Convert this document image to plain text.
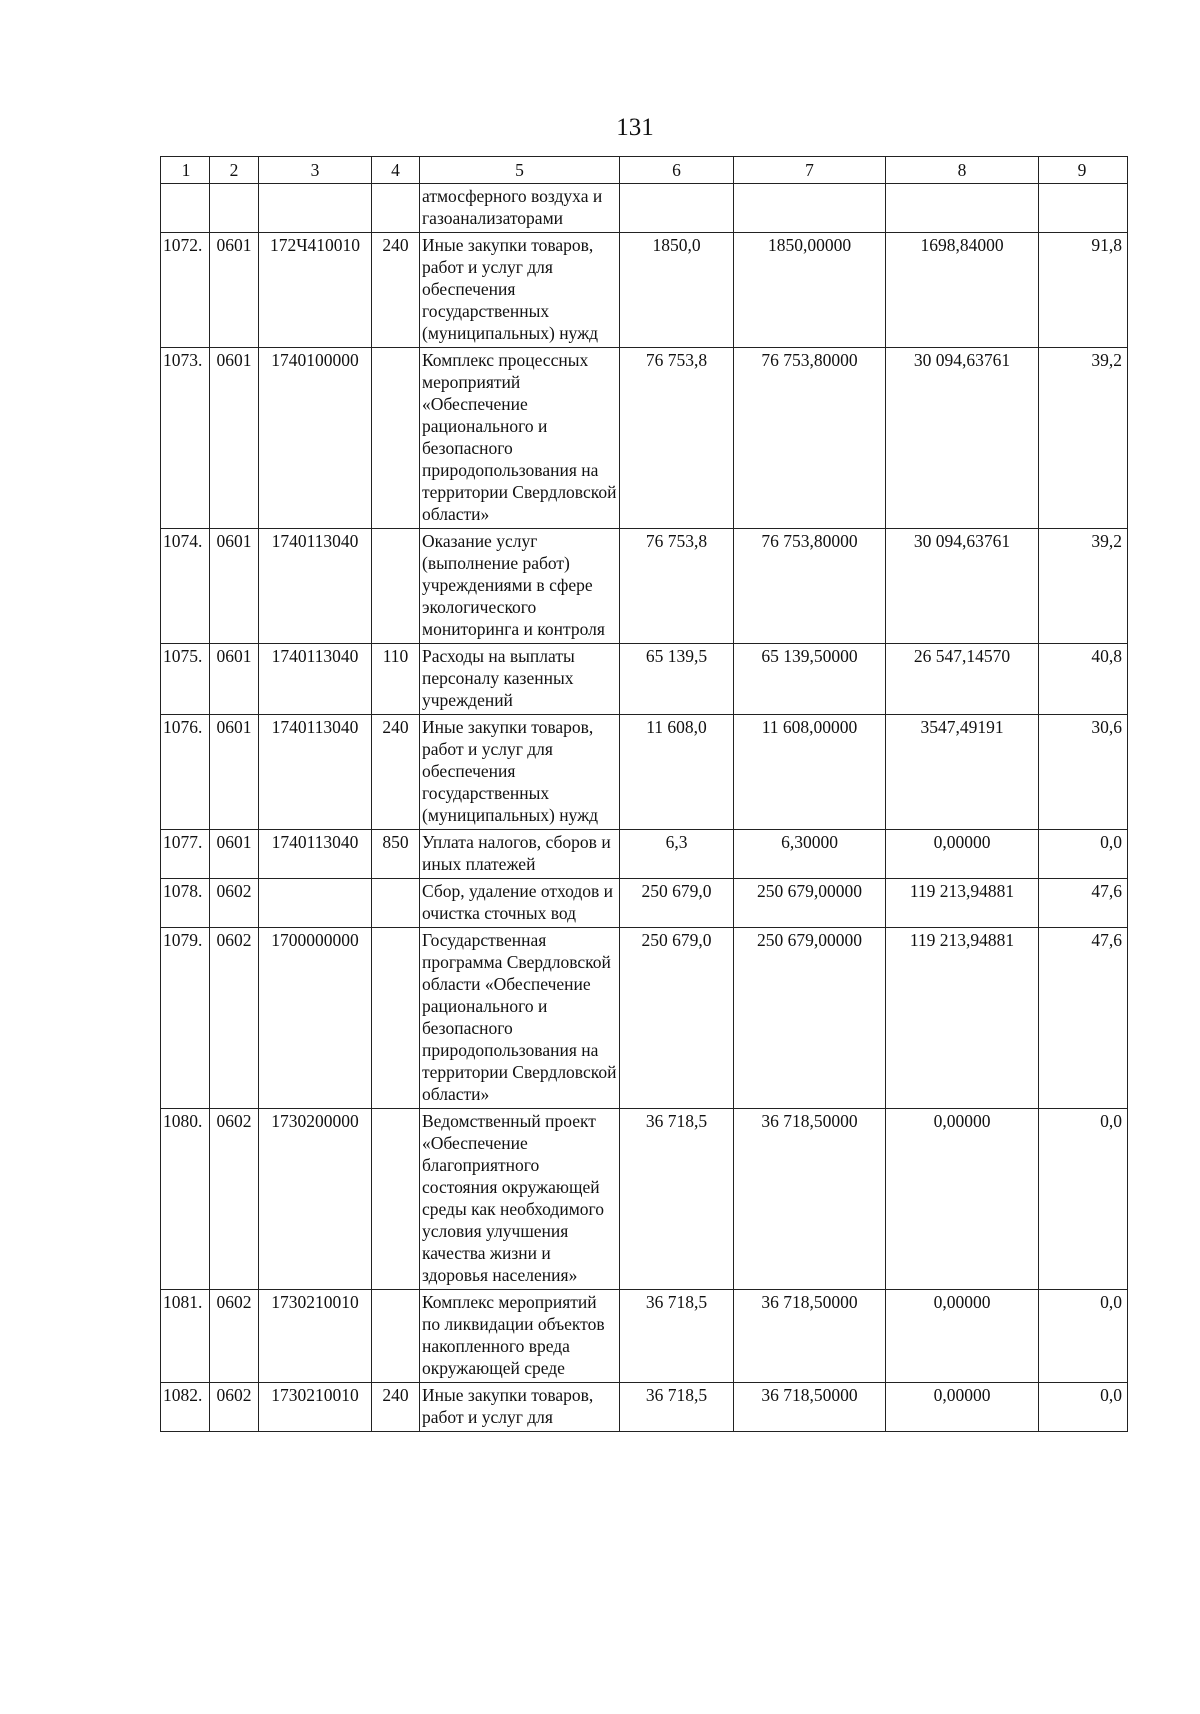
131
1	2	3	4	5	6	7	8	9
				атмосферного воздуха и газоанализаторами				
1072.	0601	172Ч410010	240	Иные закупки товаров, работ и услуг для обеспечения государственных (муниципальных) нужд	1850,0	1850,00000	1698,84000	91,8
1073.	0601	1740100000		Комплекс процессных мероприятий «Обеспечение рационального и безопасного природопользования на территории Свердловской области»	76 753,8	76 753,80000	30 094,63761	39,2
1074.	0601	1740113040		Оказание услуг (выполнение работ) учреждениями в сфере экологического мониторинга и контроля	76 753,8	76 753,80000	30 094,63761	39,2
1075.	0601	1740113040	110	Расходы на выплаты персоналу казенных учреждений	65 139,5	65 139,50000	26 547,14570	40,8
1076.	0601	1740113040	240	Иные закупки товаров, работ и услуг для обеспечения государственных (муниципальных) нужд	11 608,0	11 608,00000	3547,49191	30,6
1077.	0601	1740113040	850	Уплата налогов, сборов и иных платежей	6,3	6,30000	0,00000	0,0
1078.	0602			Сбор, удаление отходов и очистка сточных вод	250 679,0	250 679,00000	119 213,94881	47,6
1079.	0602	1700000000		Государственная программа Свердловской области «Обеспечение рационального и безопасного природопользования на территории Свердловской области»	250 679,0	250 679,00000	119 213,94881	47,6
1080.	0602	1730200000		Ведомственный проект «Обеспечение благоприятного состояния окружающей среды как необходимого условия улучшения качества жизни и здоровья населения»	36 718,5	36 718,50000	0,00000	0,0
1081.	0602	1730210010		Комплекс мероприятий по ликвидации объектов накопленного вреда окружающей среде	36 718,5	36 718,50000	0,00000	0,0
1082.	0602	1730210010	240	Иные закупки товаров, работ и услуг для	36 718,5	36 718,50000	0,00000	0,0
